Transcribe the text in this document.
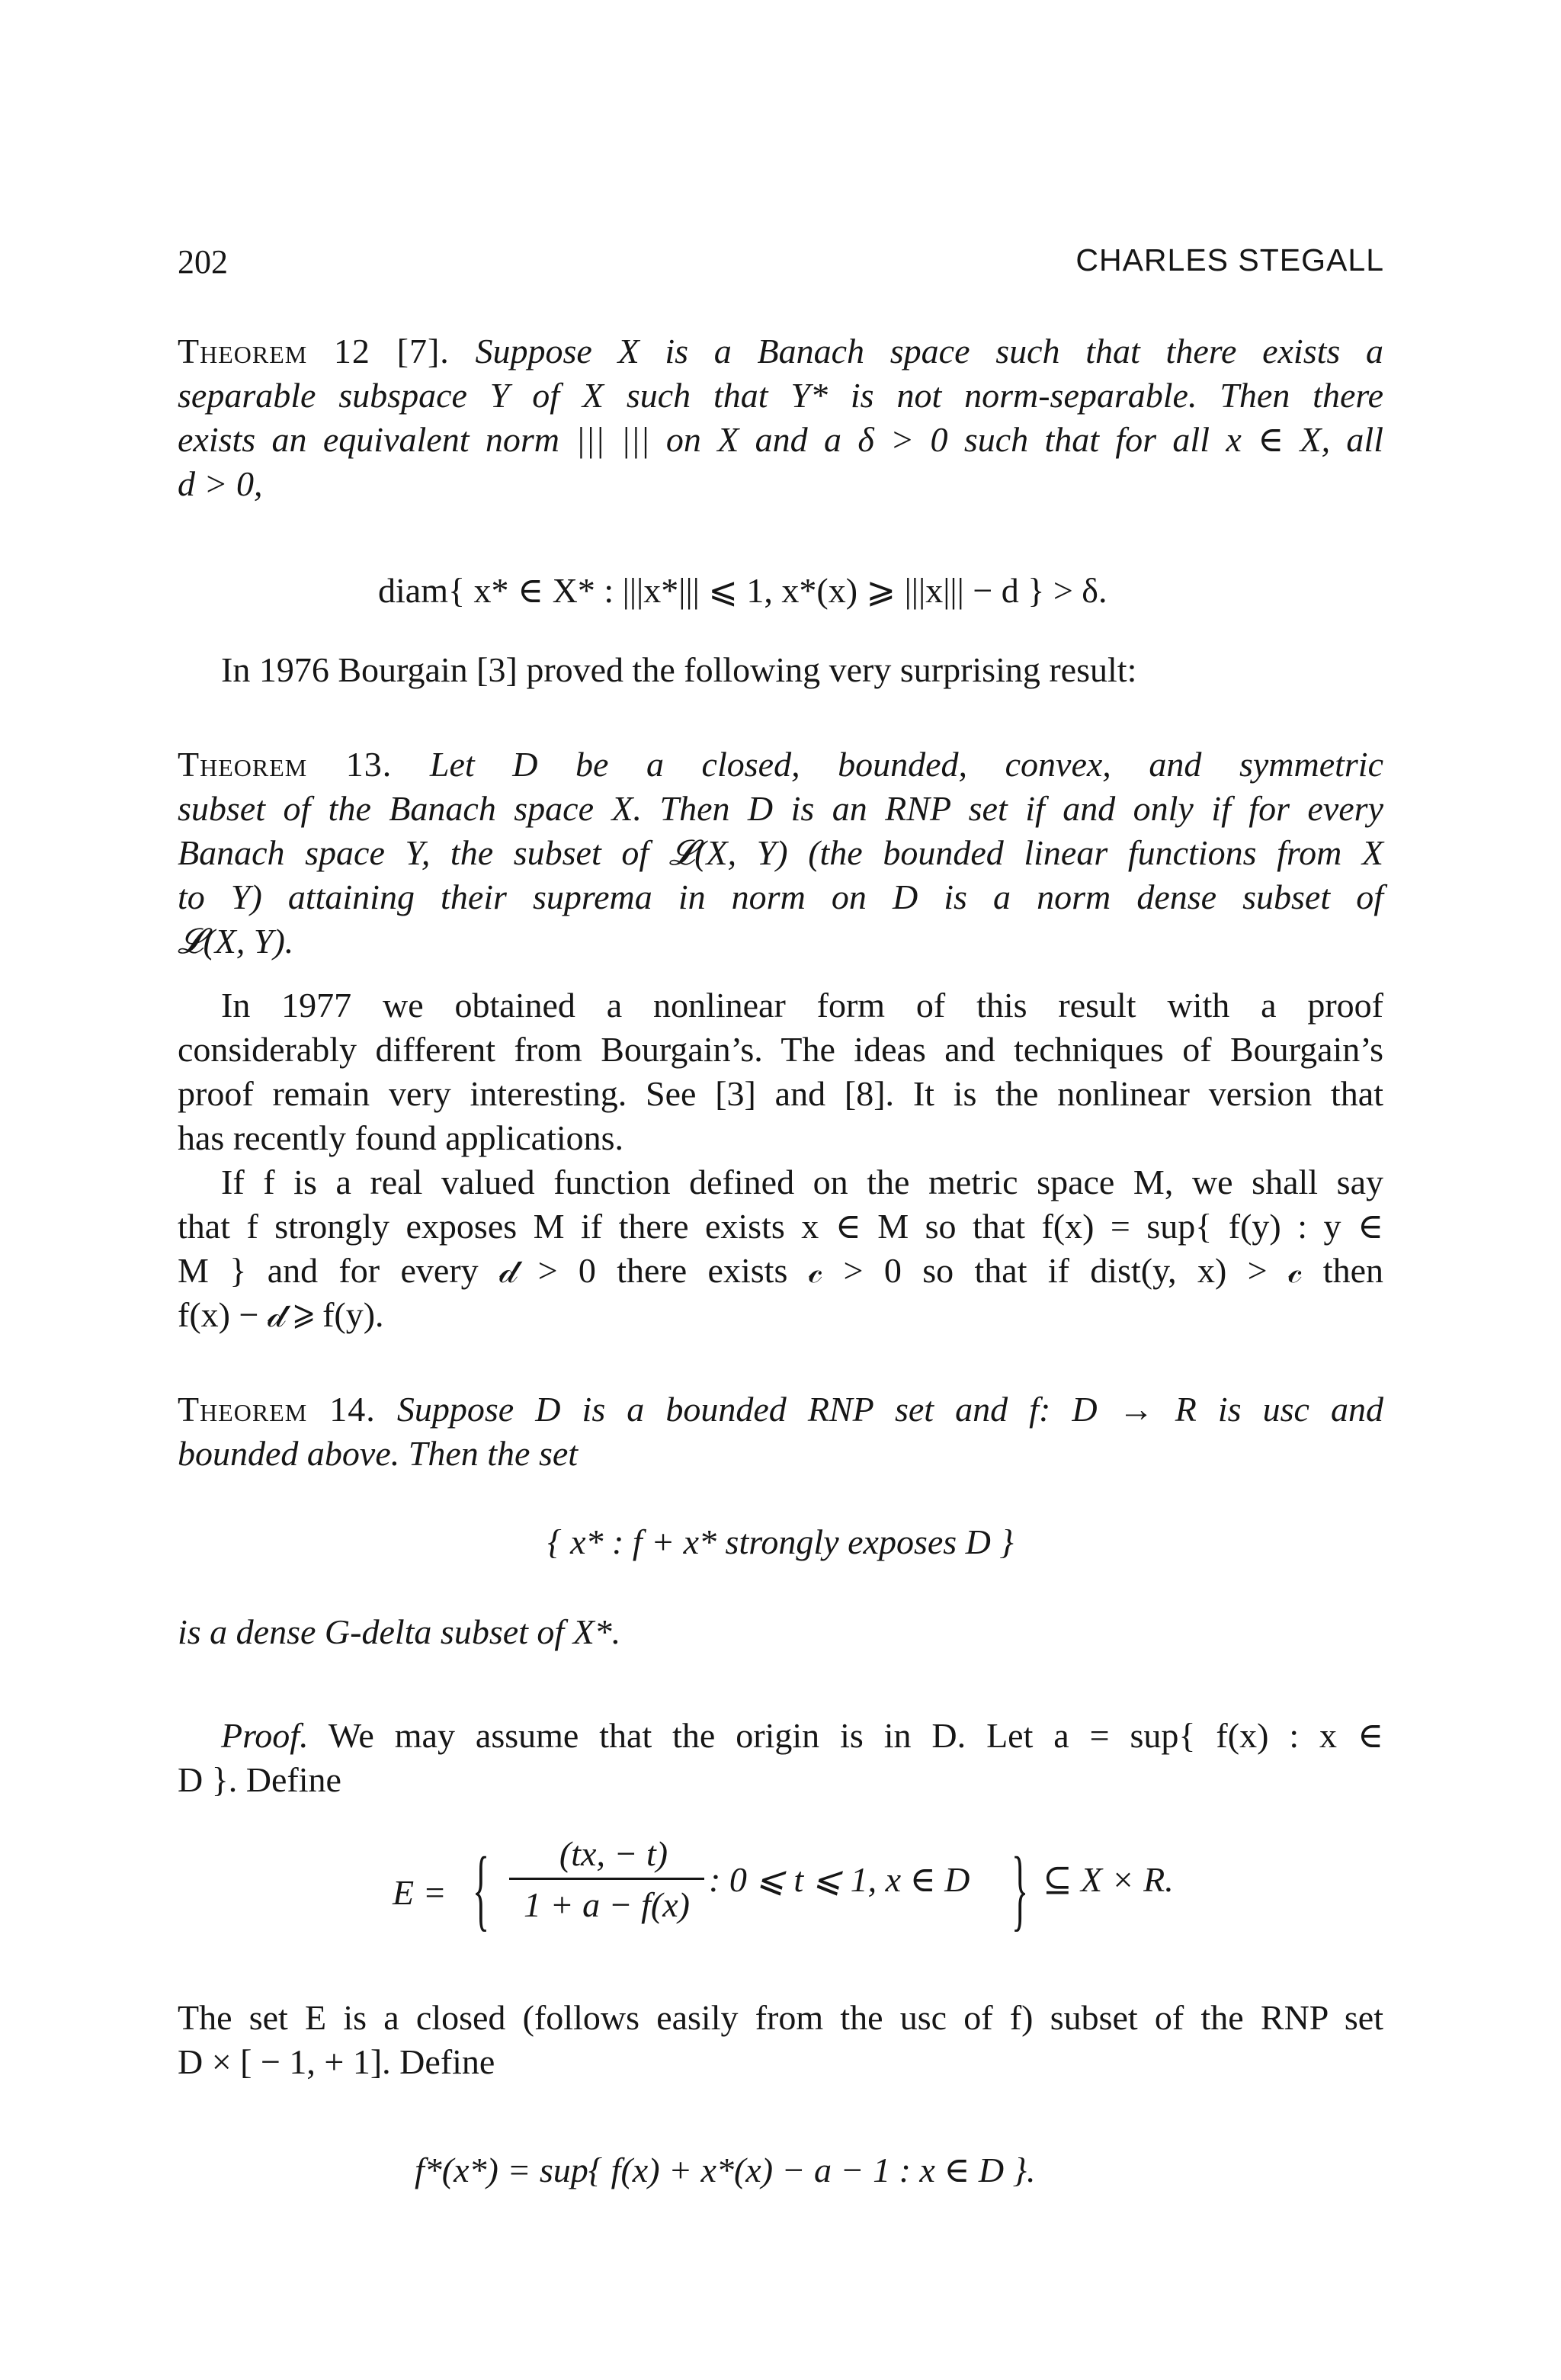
202	CHARLES STEGALL
Theorem 12 [7]. Suppose X is a Banach space such that there exists a
separable subspace Y of X such that Y* is not norm-separable. Then there
exists an equivalent norm ||| ||| on X and a δ > 0 such that for all x ∈ X, all
d > 0,
diam{ x* ∈ X* : |||x*||| ⩽ 1, x*(x) ⩾ |||x||| − d } > δ.
In 1976 Bourgain [3] proved the following very surprising result:
Theorem 13. Let D be a closed, bounded, convex, and symmetric
subset of the Banach space X. Then D is an RNP set if and only if for every
Banach space Y, the subset of 𝓛(X, Y) (the bounded linear functions from X
to Y) attaining their suprema in norm on D is a norm dense subset of
𝓛(X, Y).
In 1977 we obtained a nonlinear form of this result with a proof
considerably different from Bourgain’s. The ideas and techniques of Bourgain’s
proof remain very interesting. See [3] and [8]. It is the nonlinear version that
has recently found applications.
If f is a real valued function defined on the metric space M, we shall say
that f strongly exposes M if there exists x ∈ M so that f(x) = sup{ f(y) : y ∈
M } and for every 𝒹 > 0 there exists 𝒸 > 0 so that if dist(y, x) > 𝒸 then
f(x) − 𝒹 ⩾ f(y).
Theorem 14. Suppose D is a bounded RNP set and f: D → R is usc and
bounded above. Then the set
{ x* : f + x* strongly exposes D }
is a dense G-delta subset of X*.
Proof. We may assume that the origin is in D. Let a = sup{ f(x) : x ∈
D }. Define
E = {	(tx, − t)
1 + a − f(x)
: 0 ⩽ t ⩽ 1, x ∈ D } ⊆ X × R.
The set E is a closed (follows easily from the usc of f) subset of the RNP set
D × [ − 1, + 1]. Define
f*(x*) = sup{ f(x) + x*(x) − a − 1 : x ∈ D }.
